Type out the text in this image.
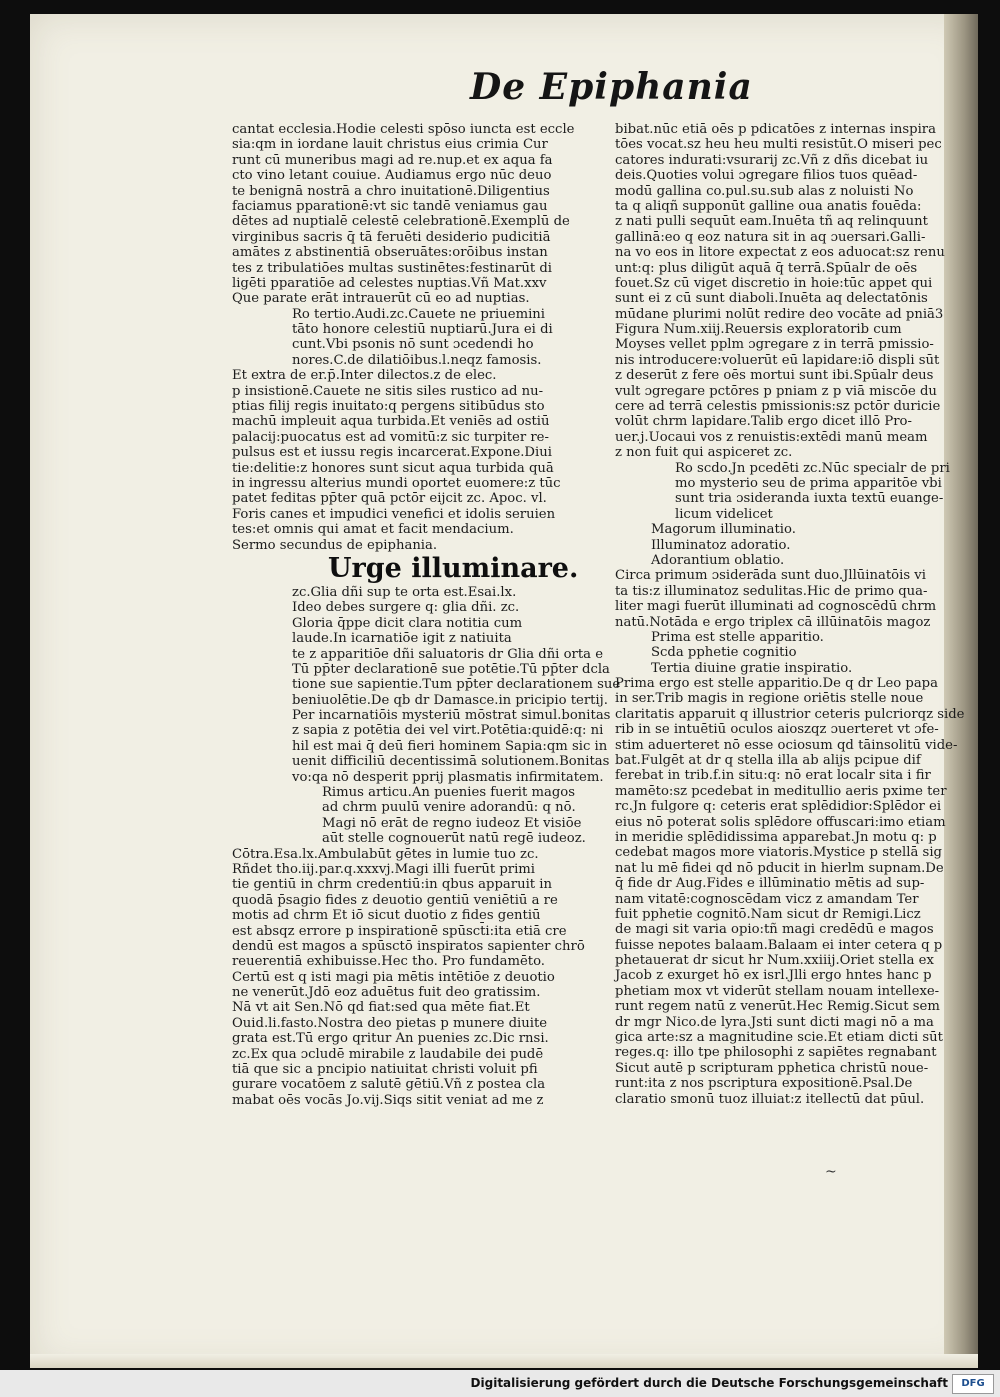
De Epiphania
cantat ecclesia.Hodie celesti spōso iuncta est eccle
sia:qm in iordane lauit christus eius crimia Cur
runt cū muneribus magi ad re.nup.et ex aqua fa
cto vino letant couiue. Audiamus ergo nūc deuo
te benignā nostrā a chro inuitationē.Diligentius
faciamus pparationē:vt sic tandē veniamus gau
dētes ad nuptialē celestē celebrationē.Exemplū de
virginibus sacris q̄ tā feruēti desiderio pudicitiā
amātes z abstinentiā obseruātes:orōibus instan
tes z tribulatiōes multas sustinētes:festinarūt di
ligēti pparatiōe ad celestes nuptias.Vñ Mat.xxv
Que parate erāt intrauerūt cū eo ad nuptias.
Ro tertio.Audi.zc.Cauete ne priuemini
tāto honore celestiū nuptiarū.Jura ei di
cunt.Vbi psonis nō sunt ɔcedendi ho
nores.C.de dilatiōibus.l.neqz famosis.
Et extra de er.p̄.Inter dilectos.z de elec.
p insistionē.Cauete ne sitis siles rustico ad nu-
ptias filij regis inuitato:q pergens sitibūdus sto
machū impleuit aqua turbida.Et veniēs ad ostiū
palacij:puocatus est ad vomitū:z sic turpiter re-
pulsus est et iussu regis incarcerat.Expone.Diui
tie:delitie:z honores sunt sicut aqua turbida quā
in ingressu alterius mundi oportet euomere:z tūc
patet feditas pp̄ter quā pctōr eijcit zc. Apoc. vl.
Foris canes et impudici venefici et idolis seruien
tes:et omnis qui amat et facit mendacium.
Sermo secundus de epiphania.
Urge illuminare.
zc.Glia dñi sup te orta est.Esai.lx.
Ideo debes surgere q: glia dñi. zc.
Gloria q̄ppe dicit clara notitia cum
laude.In icarnatiōe igit z natiuita
te z apparitiōe dñi saluatoris dr Glia dñi orta e
Tū pp̄ter declarationē sue potētie.Tū pp̄ter dcla
tione sue sapientie.Tum pp̄ter declarationem sue
beniuolētie.De qb dr Damasce.in pricipio tertij.
Per incarnatiōis mysteriū mōstrat simul.bonitas
z sapia z potētia dei vel virt.Potētia:quidē:q: ni
hil est mai q̄ deū fieri hominem Sapia:qm sic in
uenit difficiliū decentissimā solutionem.Bonitas
vo:qa nō desperit pprij plasmatis infirmitatem.
Rimus articu.An puenies fuerit magos
ad chrm puulū venire adorandū: q nō.
Magi nō erāt de regno iudeoz Et visiōe
aūt stelle cognouerūt natū regē iudeoz.
Cōtra.Esa.lx.Ambulabūt gētes in lumie tuo zc.
Rñdet tho.iij.par.q.xxxvj.Magi illi fuerūt primi
tie gentiū in chrm credentiū:in qbus apparuit in
quodā p̄sagio fides z deuotio gentiū veniētiū a re
motis ad chrm Et iō sicut duotio z fides gentiū
est absqz errore p inspirationē spūsct̄i:ita etiā cre
dendū est magos a spūsctō inspiratos sapienter chrō
reuerentiā exhibuisse.Hec tho. Pro fundamēto.
Certū est q isti magi pia mētis intētiōe z deuotio
ne venerūt.Jdō eoz aduētus fuit deo gratissim.
Nā vt ait Sen.Nō qd fiat:sed qua mēte fiat.Et
Ouid.li.fasto.Nostra deo pietas p munere diuite
grata est.Tū ergo qritur An puenies zc.Dic rnsi.
zc.Ex qua ɔcludē mirabile z laudabile dei pudē
tiā que sic a pncipio natiuitat christi voluit pfi
gurare vocatōem z salutē gētiū.Vñ z postea cla
mabat oēs vocās Jo.vij.Siqs sitit veniat ad me z
bibat.nūc etiā oēs p pdicatōes z internas inspira
tōes vocat.sz heu heu multi resistūt.O miseri pec
catores indurati:vsurarij zc.Vñ z dñs dicebat iu
deis.Quoties volui ɔgregare filios tuos quēad-
modū gallina co.pul.su.sub alas z noluisti No
ta q aliqñ supponūt galline oua anatis fouēda:
z nati pulli sequūt eam.Inuēta tñ aq relinquunt
gallinā:eo q eoz natura sit in aq ɔuersari.Galli-
na vo eos in litore expectat z eos aduocat:sz renu
unt:q: plus diligūt aquā q̄ terrā.Spūalr de oēs
fouet.Sz cū viget discretio in hoie:tūc appet qui
sunt ei z cū sunt diaboli.Inuēta aq delectatōnis
mūdane plurimi nolūt redire deo vocāte ad pniā3
Figura Num.xiij.Reuersis exploratorib cum
Moyses vellet pplm ɔgregare z in terrā pmissio-
nis introducere:voluerūt eū lapidare:iō displi sūt
z deserūt z fere oēs mortui sunt ibi.Spūalr deus
vult ɔgregare pctōres p pniam z p viā miscōe du
cere ad terrā celestis pmissionis:sz pctōr duricie
volūt chrm lapidare.Talib ergo dicet illō Pro-
uer.j.Uocaui vos z renuistis:extēdi manū meam
z non fuit qui aspiceret zc.
Ro scdo.Jn pcedēti zc.Nūc specialr de pri
mo mysterio seu de prima apparitōe vbi
sunt tria ɔsideranda iuxta textū euange-
licum videlicet
Magorum illuminatio.
Illuminatoz adoratio.
Adorantium oblatio.
Circa primum ɔsiderāda sunt duo.Jllūinatōis vi
ta tis:z illuminatoz sedulitas.Hic de primo qua-
liter magi fuerūt illuminati ad cognoscēdū chrm
natū.Notāda e ergo triplex cā illūinatōis magoz
Prima est stelle apparitio.
Scda pphetie cognitio
Tertia diuine gratie inspiratio.
Prima ergo est stelle apparitio.De q dr Leo papa
in ser.Trib magis in regione oriētis stelle noue
claritatis apparuit q illustrior ceteris pulcriorqz side
rib in se intuētiū oculos aioszqz ɔuerteret vt ɔfe-
stim aduerteret nō esse ociosum qd tāinsolitū vide-
bat.Fulgēt at dr q stella illa ab alijs pcipue dif
ferebat in trib.f.in situ:q: nō erat localr sita i fir
mamēto:sz pcedebat in meditullio aeris pxime ter
rc.Jn fulgore q: ceteris erat splēdidior:Splēdor ei
eius nō poterat solis splēdore offuscari:imo etiam
in meridie splēdidissima apparebat.Jn motu q: p
cedebat magos more viatoris.Mystice p stellā sig
nat lu mē fidei qd nō pducit in hierlm supnam.De
q̄ fide dr Aug.Fides e illūminatio mētis ad sup-
nam vitatē:cognoscēdam vicz z amandam Ter
fuit pphetie cognitō.Nam sicut dr Remigi.Licz
de magi sit varia opio:tñ magi credēdū e magos
fuisse nepotes balaam.Balaam ei inter cetera q p
phetauerat dr sicut hr Num.xxiiij.Oriet stella ex
Jacob z exurget hō ex isrl.Jlli ergo hntes hanc p
phetiam mox vt viderūt stellam nouam intellexe-
runt regem natū z venerūt.Hec Remig.Sicut sem
dr mgr Nico.de lyra.Jsti sunt dicti magi nō a ma
gica arte:sz a magnitudine scie.Et etiam dicti sūt
reges.q: illo tpe philosophi z sapiētes regnabant
Sicut autē p scripturam pphetica christū noue-
runt:ita z nos pscriptura expositionē.Psal.De
claratio smonū tuoz illuiat:z itellectū dat pūul.
~
Digitalisierung gefördert durch die Deutsche Forschungsgemeinschaft	DFG
